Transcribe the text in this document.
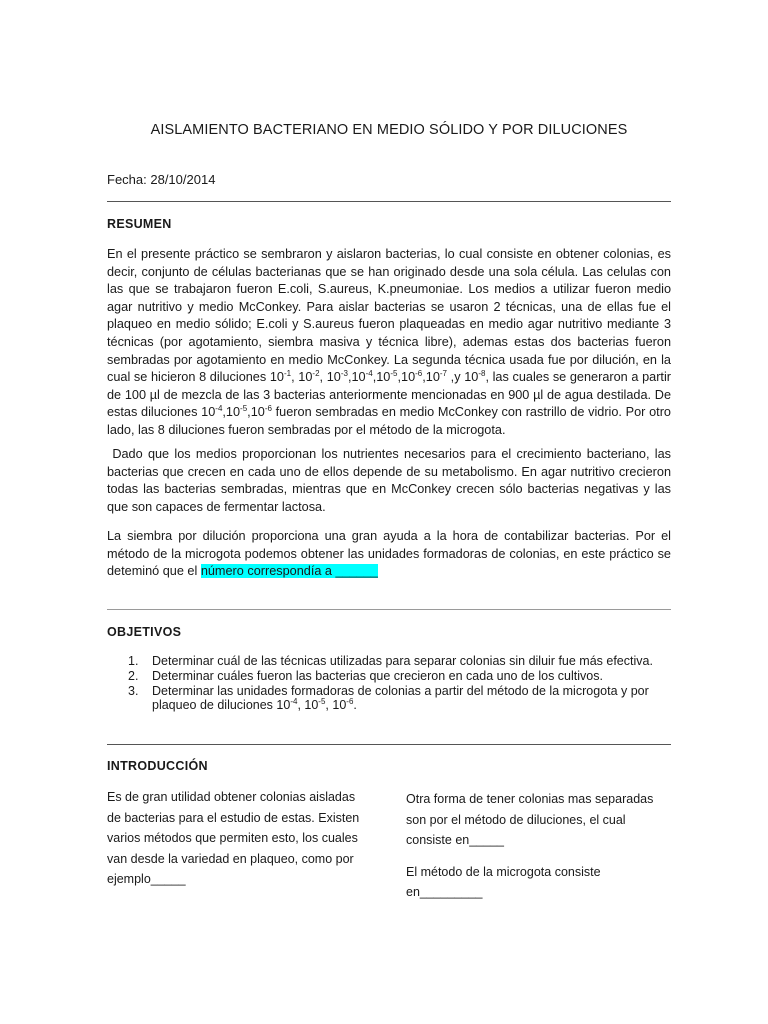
AISLAMIENTO BACTERIANO EN MEDIO SÓLIDO Y POR DILUCIONES
Fecha: 28/10/2014
RESUMEN

En el presente práctico se sembraron y aislaron bacterias, lo cual consiste en obtener colonias, es decir, conjunto de células bacterianas que se han originado desde una sola célula. Las celulas con las que se trabajaron fueron E.coli, S.aureus, K.pneumoniae. Los medios a utilizar fueron medio agar nutritivo y medio McConkey. Para aislar bacterias se usaron 2 técnicas, una de ellas fue el plaqueo en medio sólido; E.coli y S.aureus fueron plaqueadas en medio agar nutritivo mediante 3 técnicas (por agotamiento, siembra masiva y técnica libre), ademas estas dos bacterias fueron sembradas por agotamiento en medio McConkey. La segunda técnica usada fue por dilución, en la cual se hicieron 8 diluciones $10^{-1}$, $10^{-2}$, $10^{-3},10^{-4},10^{-5},10^{-6},10^{-7}$ ,y $10^{-8}$, las cuales se generaron a partir de 100 µl de mezcla de las 3 bacterias anteriormente mencionadas en 900 µl de agua destilada. De estas diluciones $10^{-4},10^{-5},10^{-6}$ fueron sembradas en medio McConkey con rastrillo de vidrio. Por otro lado, las 8 diluciones fueron sembradas por el método de la microgota.

Dado que los medios proporcionan los nutrientes necesarios para el crecimiento bacteriano, las bacterias que crecen en cada uno de ellos depende de su metabolismo. En agar nutritivo crecieron todas las bacterias sembradas, mientras que en McConkey crecen sólo bacterias negativas y las que son capaces de fermentar lactosa.

La siembra por dilución proporciona una gran ayuda a la hora de contabilizar bacterias. Por el método de la microgota podemos obtener las unidades formadoras de colonias, en este práctico se deteminó que el número correspondía a ______

OBJETIVOS
1. Determinar cuál de las técnicas utilizadas para separar colonias sin diluir fue más efectiva.
2. Determinar cuáles fueron las bacterias que crecieron en cada uno de los cultivos.
3. Determinar las unidades formadoras de colonias a partir del método de la microgota y por plaqueo de diluciones $10^{-4}$, $10^{-5}$, $10^{-6}$.
INTRODUCCIÓN

Es de gran utilidad obtener colonias aisladas de bacterias para el estudio de estas. Existen varios métodos que permiten esto, los cuales van desde la variedad en plaqueo, como por ejemplo_____

Otra forma de tener colonias mas separadas son por el método de diluciones, el cual consiste en_____

El método de la microgota consiste en_________
